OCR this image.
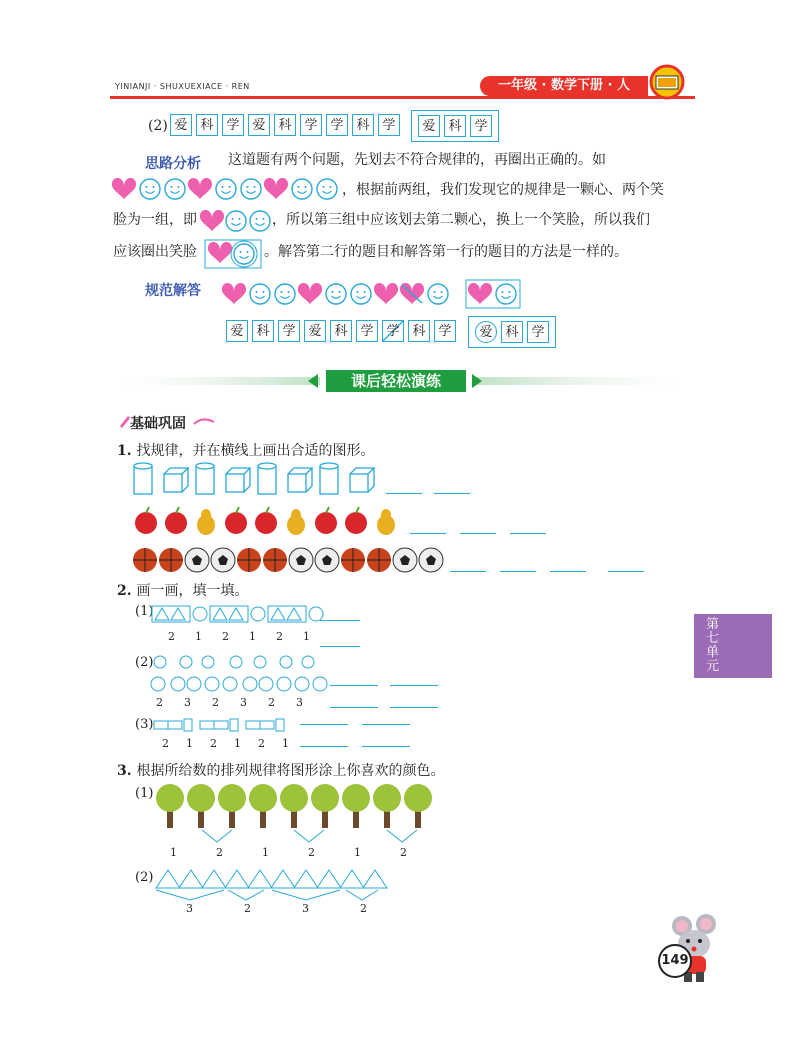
YINIANJI · SHUXUEXIACE · REN	一年级 · 数学下册 · 人
(2) 爱 科 学 爱 科 学 学 科 学	爱 科 学
思路分析 这道题有两个问题，先划去不符合规律的，再圈出正确的。如
，根据前两组，我们发现它的规律是一颗心、两个笑
脸为一组，即	，所以第三组中应该划去第二颗心，换上一个笑脸，所以我们
应该圈出笑脸	。解答第二行的题目和解答第一行的题目的方法是一样的。
规范解答
爱 科 学 爱 科 学 学 科 学	爱 科 学
课后轻松演练
基础巩固
1. 找规律，并在横线上画出合适的图形。
2. 画一画，填一填。
(1)
2 1 2 1 2 1
(2)
2 3 2 3 2 3
(3)
2 1 2 1 2 1
3. 根据所给数的排列规律将图形涂上你喜欢的颜色。
(1)
1	2	1	2	1	2
(2)
3	2	3	2
第
七
单
元
149
